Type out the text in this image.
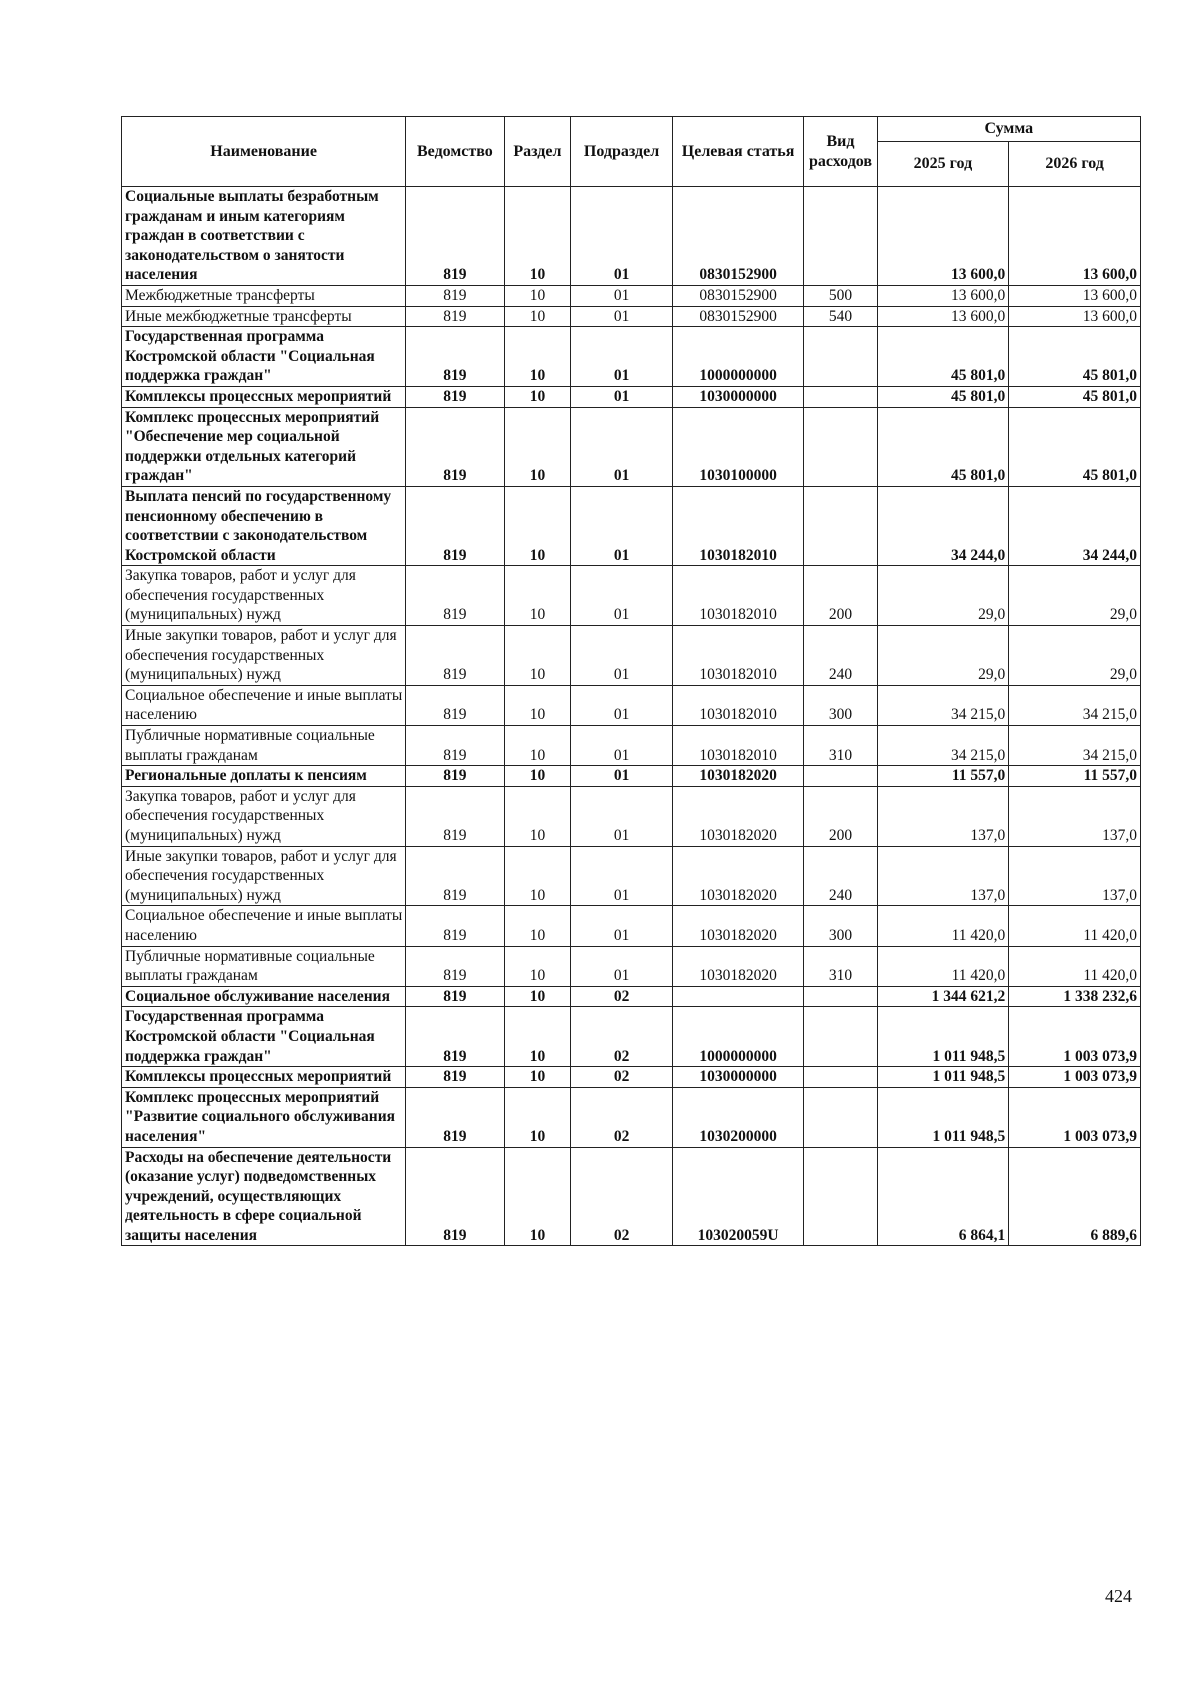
Наименование	Ведомство	Раздел	Подраздел	Целевая статья	Вид расходов	Сумма	
						2025 год	2026 год
Социальные выплаты безработным гражданам и иным категориям граждан в соответствии с законодательством о занятости населения	819	10	01	0830152900		13 600,0	13 600,0
Межбюджетные трансферты	819	10	01	0830152900	500	13 600,0	13 600,0
Иные межбюджетные трансферты	819	10	01	0830152900	540	13 600,0	13 600,0
Государственная программа Костромской области "Социальная поддержка граждан"	819	10	01	1000000000		45 801,0	45 801,0
Комплексы процессных мероприятий	819	10	01	1030000000		45 801,0	45 801,0
Комплекс процессных мероприятий "Обеспечение мер социальной поддержки отдельных категорий граждан"	819	10	01	1030100000		45 801,0	45 801,0
Выплата пенсий по государственному пенсионному обеспечению в соответствии с законодательством Костромской области	819	10	01	1030182010		34 244,0	34 244,0
Закупка товаров, работ и услуг для обеспечения государственных (муниципальных) нужд	819	10	01	1030182010	200	29,0	29,0
Иные закупки товаров, работ и услуг для обеспечения государственных (муниципальных) нужд	819	10	01	1030182010	240	29,0	29,0
Социальное обеспечение и иные выплаты населению	819	10	01	1030182010	300	34 215,0	34 215,0
Публичные нормативные социальные выплаты гражданам	819	10	01	1030182010	310	34 215,0	34 215,0
Региональные доплаты к пенсиям	819	10	01	1030182020		11 557,0	11 557,0
Закупка товаров, работ и услуг для обеспечения государственных (муниципальных) нужд	819	10	01	1030182020	200	137,0	137,0
Иные закупки товаров, работ и услуг для обеспечения государственных (муниципальных) нужд	819	10	01	1030182020	240	137,0	137,0
Социальное обеспечение и иные выплаты населению	819	10	01	1030182020	300	11 420,0	11 420,0
Публичные нормативные социальные выплаты гражданам	819	10	01	1030182020	310	11 420,0	11 420,0
Социальное обслуживание населения	819	10	02			1 344 621,2	1 338 232,6
Государственная программа Костромской области "Социальная поддержка граждан"	819	10	02	1000000000		1 011 948,5	1 003 073,9
Комплексы процессных мероприятий	819	10	02	1030000000		1 011 948,5	1 003 073,9
Комплекс процессных мероприятий "Развитие социального обслуживания населения"	819	10	02	1030200000		1 011 948,5	1 003 073,9
Расходы на обеспечение деятельности (оказание услуг) подведомственных учреждений, осуществляющих деятельность в сфере социальной защиты населения	819	10	02	103020059U		6 864,1	6 889,6
424
